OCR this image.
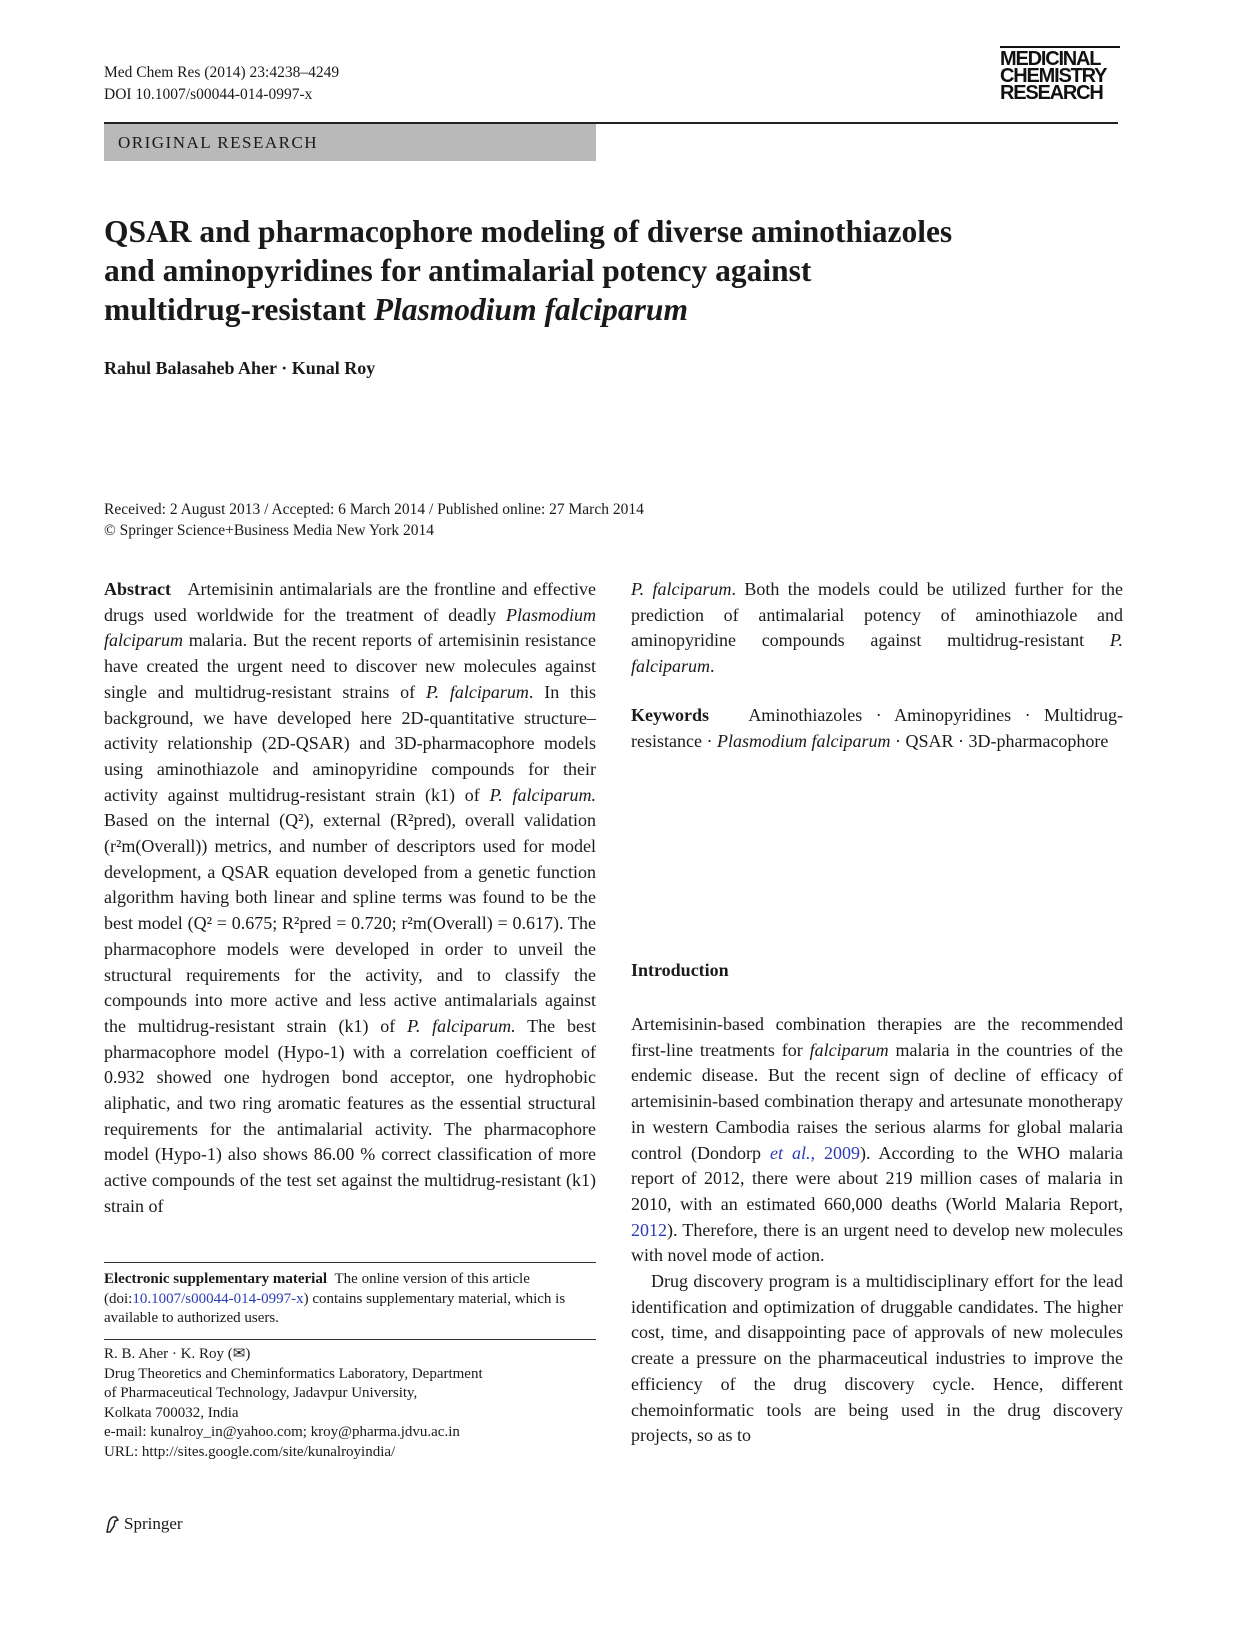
Med Chem Res (2014) 23:4238–4249
DOI 10.1007/s00044-014-0997-x
MEDICINAL
CHEMISTRY
RESEARCH
ORIGINAL RESEARCH
QSAR and pharmacophore modeling of diverse aminothiazoles
and aminopyridines for antimalarial potency against
multidrug-resistant Plasmodium falciparum
Rahul Balasaheb Aher · Kunal Roy
Received: 2 August 2013 / Accepted: 6 March 2014 / Published online: 27 March 2014
© Springer Science+Business Media New York 2014

Abstract Artemisinin antimalarials are the frontline and effective drugs used worldwide for the treatment of deadly Plasmodium falciparum malaria. But the recent reports of artemisinin resistance have created the urgent need to discover new molecules against single and multidrug-resistant strains of P. falciparum. In this background, we have developed here 2D-quantitative structure–activity relationship (2D-QSAR) and 3D-pharmacophore models using aminothiazole and aminopyridine compounds for their activity against multidrug-resistant strain (k1) of P. falciparum. Based on the internal (Q²), external (R²pred), overall validation (r²m(Overall)) metrics, and number of descriptors used for model development, a QSAR equation developed from a genetic function algorithm having both linear and spline terms was found to be the best model (Q² = 0.675; R²pred = 0.720; r²m(Overall) = 0.617). The pharmacophore models were developed in order to unveil the structural requirements for the activity, and to classify the compounds into more active and less active antimalarials against the multidrug-resistant strain (k1) of P. falciparum. The best pharmacophore model (Hypo-1) with a correlation coefficient of 0.932 showed one hydrogen bond acceptor, one hydrophobic aliphatic, and two ring aromatic features as the essential structural requirements for the antimalarial activity. The pharmacophore model (Hypo-1) also shows 86.00 % correct classification of more active compounds of the test set against the multidrug-resistant (k1) strain of

P. falciparum. Both the models could be utilized further for the prediction of antimalarial potency of aminothiazole and aminopyridine compounds against multidrug-resistant P. falciparum.

Keywords Aminothiazoles · Aminopyridines · Multidrug-resistance · Plasmodium falciparum · QSAR · 3D-pharmacophore

Introduction

Artemisinin-based combination therapies are the recommended first-line treatments for falciparum malaria in the countries of the endemic disease. But the recent sign of decline of efficacy of artemisinin-based combination therapy and artesunate monotherapy in western Cambodia raises the serious alarms for global malaria control (Dondorp et al., 2009). According to the WHO malaria report of 2012, there were about 219 million cases of malaria in 2010, with an estimated 660,000 deaths (World Malaria Report, 2012). Therefore, there is an urgent need to develop new molecules with novel mode of action.

Drug discovery program is a multidisciplinary effort for the lead identification and optimization of druggable candidates. The higher cost, time, and disappointing pace of approvals of new molecules create a pressure on the pharmaceutical industries to improve the efficiency of the drug discovery cycle. Hence, different chemoinformatic tools are being used in the drug discovery projects, so as to

Electronic supplementary material The online version of this article (doi:10.1007/s00044-014-0997-x) contains supplementary material, which is available to authorized users.
R. B. Aher · K. Roy (✉)
Drug Theoretics and Cheminformatics Laboratory, Department
of Pharmaceutical Technology, Jadavpur University,
Kolkata 700032, India
e-mail: kunalroy_in@yahoo.com; kroy@pharma.jdvu.ac.in
URL: http://sites.google.com/site/kunalroyindia/
Springer
